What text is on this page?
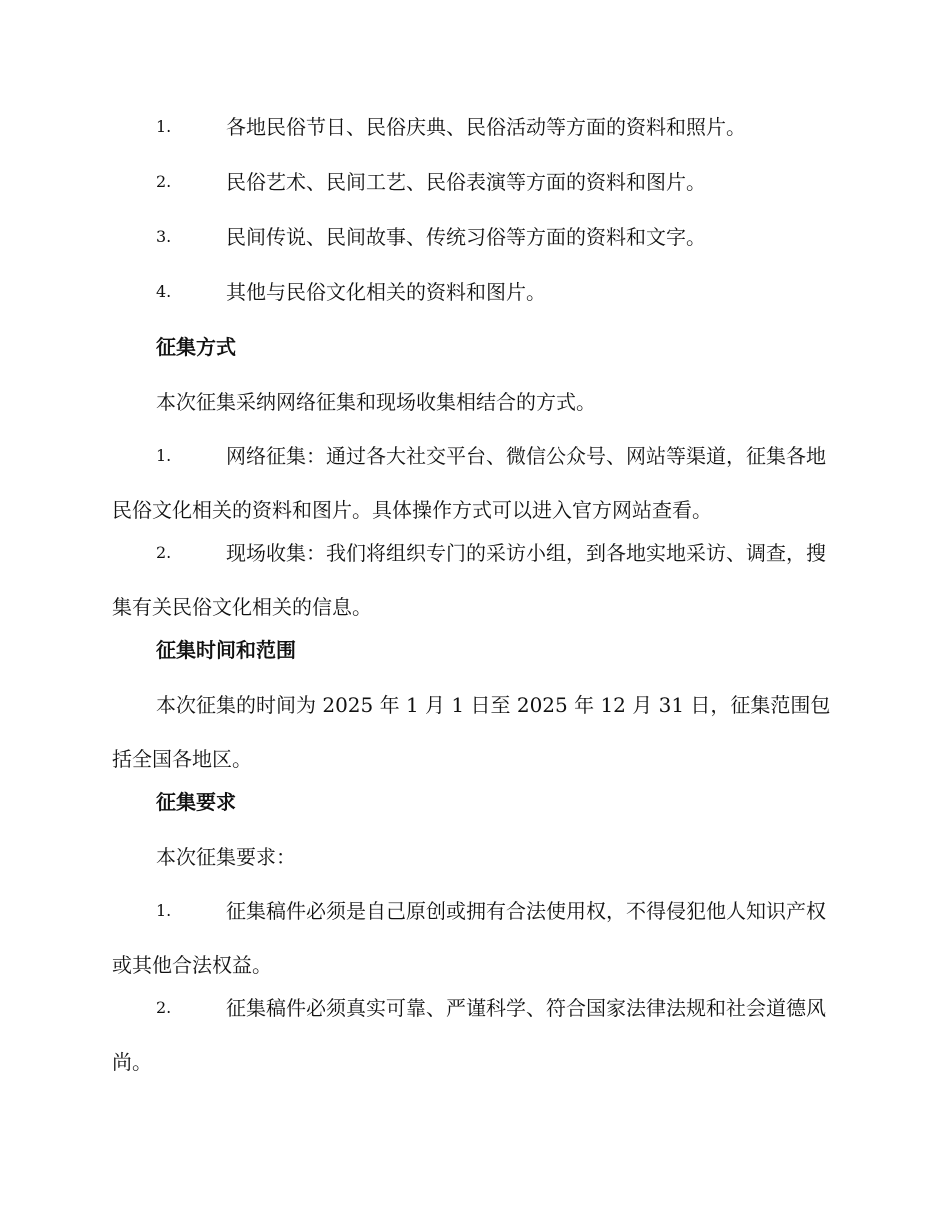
1.	各地民俗节日、民俗庆典、民俗活动等方面的资料和照片。
2.	民俗艺术、民间工艺、民俗表演等方面的资料和图片。
3.	民间传说、民间故事、传统习俗等方面的资料和文字。
4.	其他与民俗文化相关的资料和图片。
征集方式
本次征集采纳网络征集和现场收集相结合的方式。
1.	网络征集：通过各大社交平台、微信公众号、网站等渠道，征集各地民俗文化相关的资料和图片。具体操作方式可以进入官方网站查看。
2.	现场收集：我们将组织专门的采访小组，到各地实地采访、调查，搜集有关民俗文化相关的信息。
征集时间和范围
本次征集的时间为 2025 年 1 月 1 日至 2025 年 12 月 31 日，征集范围包括全国各地区。
征集要求
本次征集要求：
1.	征集稿件必须是自己原创或拥有合法使用权，不得侵犯他人知识产权或其他合法权益。
2.	征集稿件必须真实可靠、严谨科学、符合国家法律法规和社会道德风尚。
